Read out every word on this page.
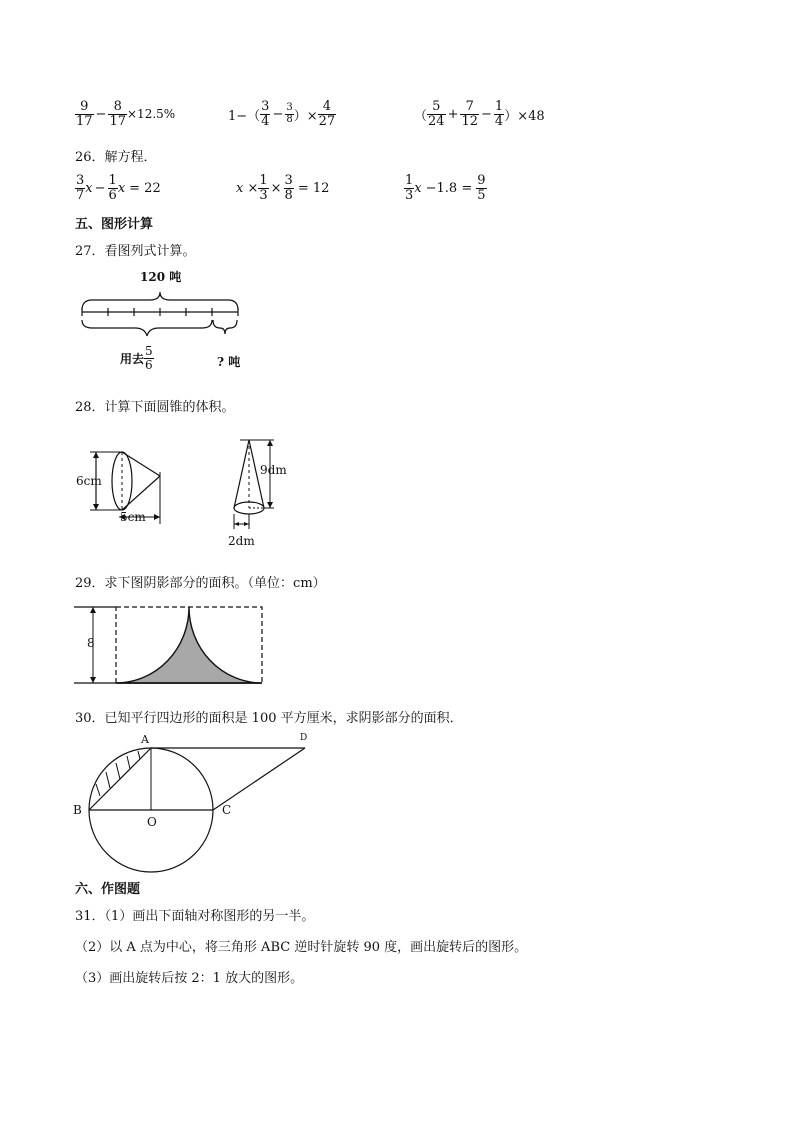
$\frac{9}{17} - \frac{8}{17} \times 12.5\%$	$1-( \frac{3}{4} - \frac{3}{8}$ ）× $\frac{4}{27}$	（ $\frac{5}{24} + \frac{7}{12} - \frac{1}{4} )\times 48$
26．解方程．
$\frac{3}{7}$ $x - \frac{1}{6}$ x = 22	$x \times \frac{1}{3} \times \frac{3}{8} = 12$	$\frac{1}{3}$ $x -1.8 = \frac{9}{5}$
五、图形计算
27．看图列式计算。
120 吨
用去 $\frac{5}{6}$	? 吨
28．计算下面圆锥的体积。
6cm
5cm
9dm
2dm
29．求下图阴影部分的面积。（单位：cm）
8
30．已知平行四边形的面积是 100 平方厘米，求阴影部分的面积．
A	D
B
O
C
六、作图题
31．（1）画出下面轴对称图形的另一半。
（2）以 A 点为中心，将三角形 ABC 逆时针旋转 90 度，画出旋转后的图形。
（3）画出旋转后按 2：1 放大的图形。
